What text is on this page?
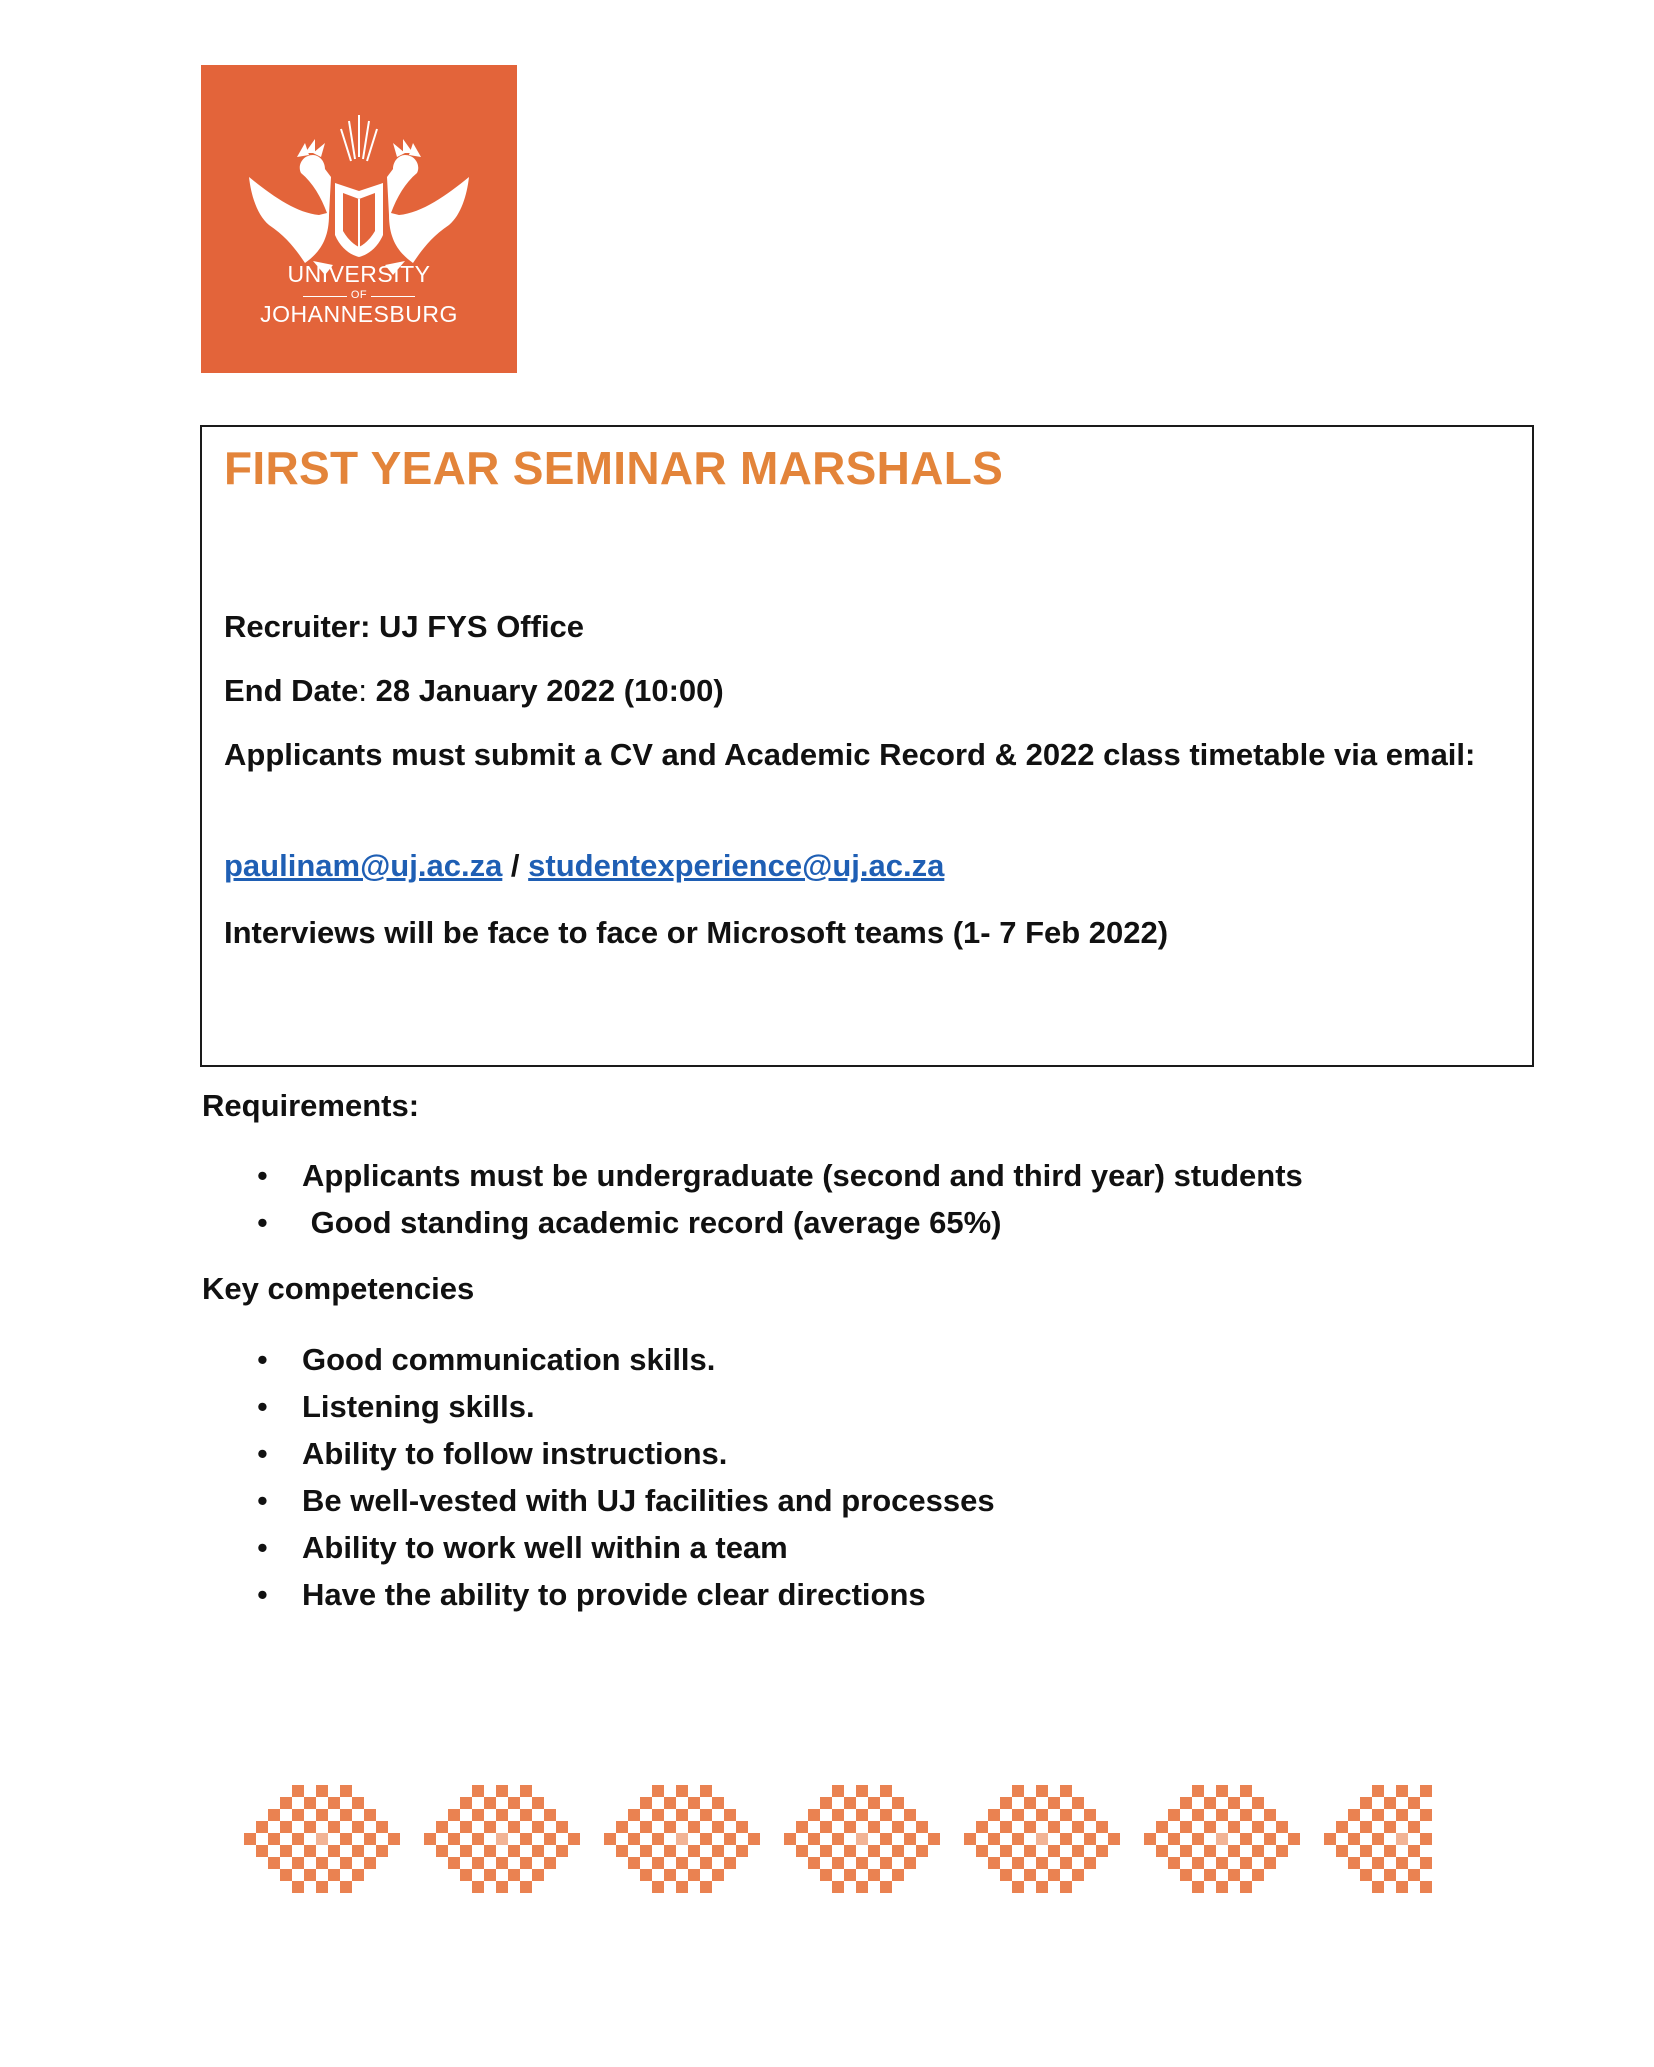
UNIVERSITY
OF
JOHANNESBURG
FIRST YEAR SEMINAR MARSHALS

Recruiter: UJ FYS Office

End Date: 28 January 2022 (10:00)

Applicants must submit a CV and Academic Record & 2022 class timetable via email:

paulinam@uj.ac.za / studentexperience@uj.ac.za

Interviews will be face to face or Microsoft teams (1- 7 Feb 2022)

Requirements:

• Applicants must be undergraduate (second and third year) students
• Good standing academic record (average 65%)

Key competencies

• Good communication skills.
• Listening skills.
• Ability to follow instructions.
• Be well-vested with UJ facilities and processes
• Ability to work well within a team
• Have the ability to provide clear directions
